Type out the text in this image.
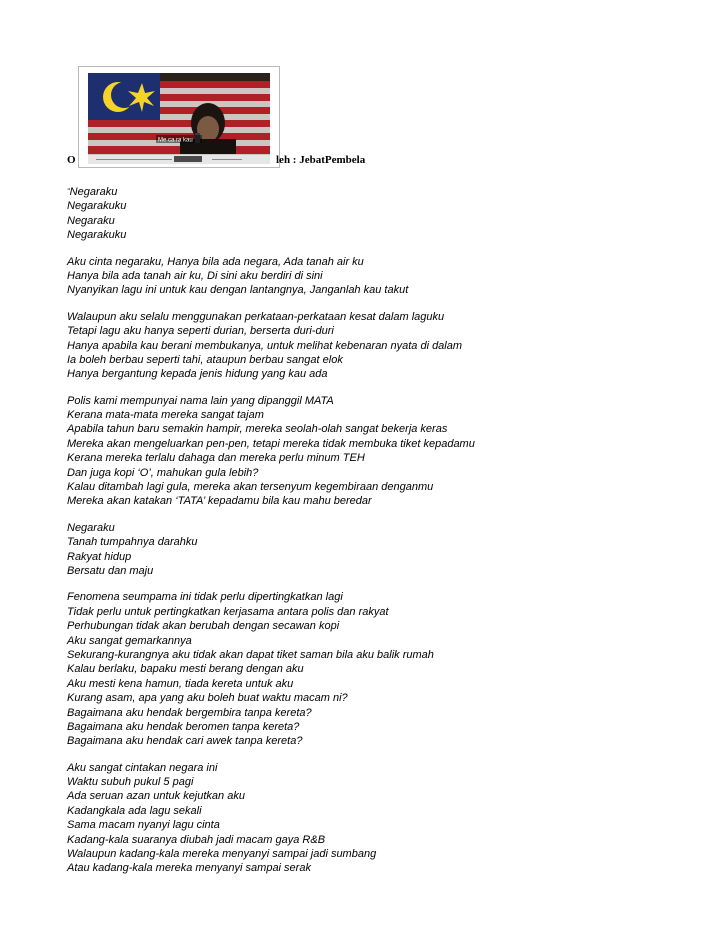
Me ca ra kau
O	leh : JebatPembela
“Negaraku
Negarakuku
Negaraku
Negarakuku
Aku cinta negaraku, Hanya bila ada negara, Ada tanah air ku
Hanya bila ada tanah air ku, Di sini aku berdiri di sini
Nyanyikan lagu ini untuk kau dengan lantangnya, Janganlah kau takut
Walaupun aku selalu menggunakan perkataan-perkataan kesat dalam laguku
Tetapi lagu aku hanya seperti durian, berserta duri-duri
Hanya apabila kau berani membukanya, untuk melihat kebenaran nyata di dalam
Ia boleh berbau seperti tahi, ataupun berbau sangat elok
Hanya bergantung kepada jenis hidung yang kau ada
Polis kami mempunyai nama lain yang dipanggil MATA
Kerana mata-mata mereka sangat tajam
Apabila tahun baru semakin hampir, mereka seolah-olah sangat bekerja keras
Mereka akan mengeluarkan pen-pen, tetapi mereka tidak membuka tiket kepadamu
Kerana mereka terlalu dahaga dan mereka perlu minum TEH
Dan juga kopi ‘O’, mahukan gula lebih?
Kalau ditambah lagi gula, mereka akan tersenyum kegembiraan denganmu
Mereka akan katakan ‘TATA’ kepadamu bila kau mahu beredar
Negaraku
Tanah tumpahnya darahku
Rakyat hidup
Bersatu dan maju
Fenomena seumpama ini tidak perlu dipertingkatkan lagi
Tidak perlu untuk pertingkatkan kerjasama antara polis dan rakyat
Perhubungan tidak akan berubah dengan secawan kopi
Aku sangat gemarkannya
Sekurang-kurangnya aku tidak akan dapat tiket saman bila aku balik rumah
Kalau berlaku, bapaku mesti berang dengan aku
Aku mesti kena hamun, tiada kereta untuk aku
Kurang asam, apa yang aku boleh buat waktu macam ni?
Bagaimana aku hendak bergembira tanpa kereta?
Bagaimana aku hendak beromen tanpa kereta?
Bagaimana aku hendak cari awek tanpa kereta?
Aku sangat cintakan negara ini
Waktu subuh pukul 5 pagi
Ada seruan azan untuk kejutkan aku
Kadangkala ada lagu sekali
Sama macam nyanyi lagu cinta
Kadang-kala suaranya diubah jadi macam gaya R&B
Walaupun kadang-kala mereka menyanyi sampai jadi sumbang
Atau kadang-kala mereka menyanyi sampai serak
